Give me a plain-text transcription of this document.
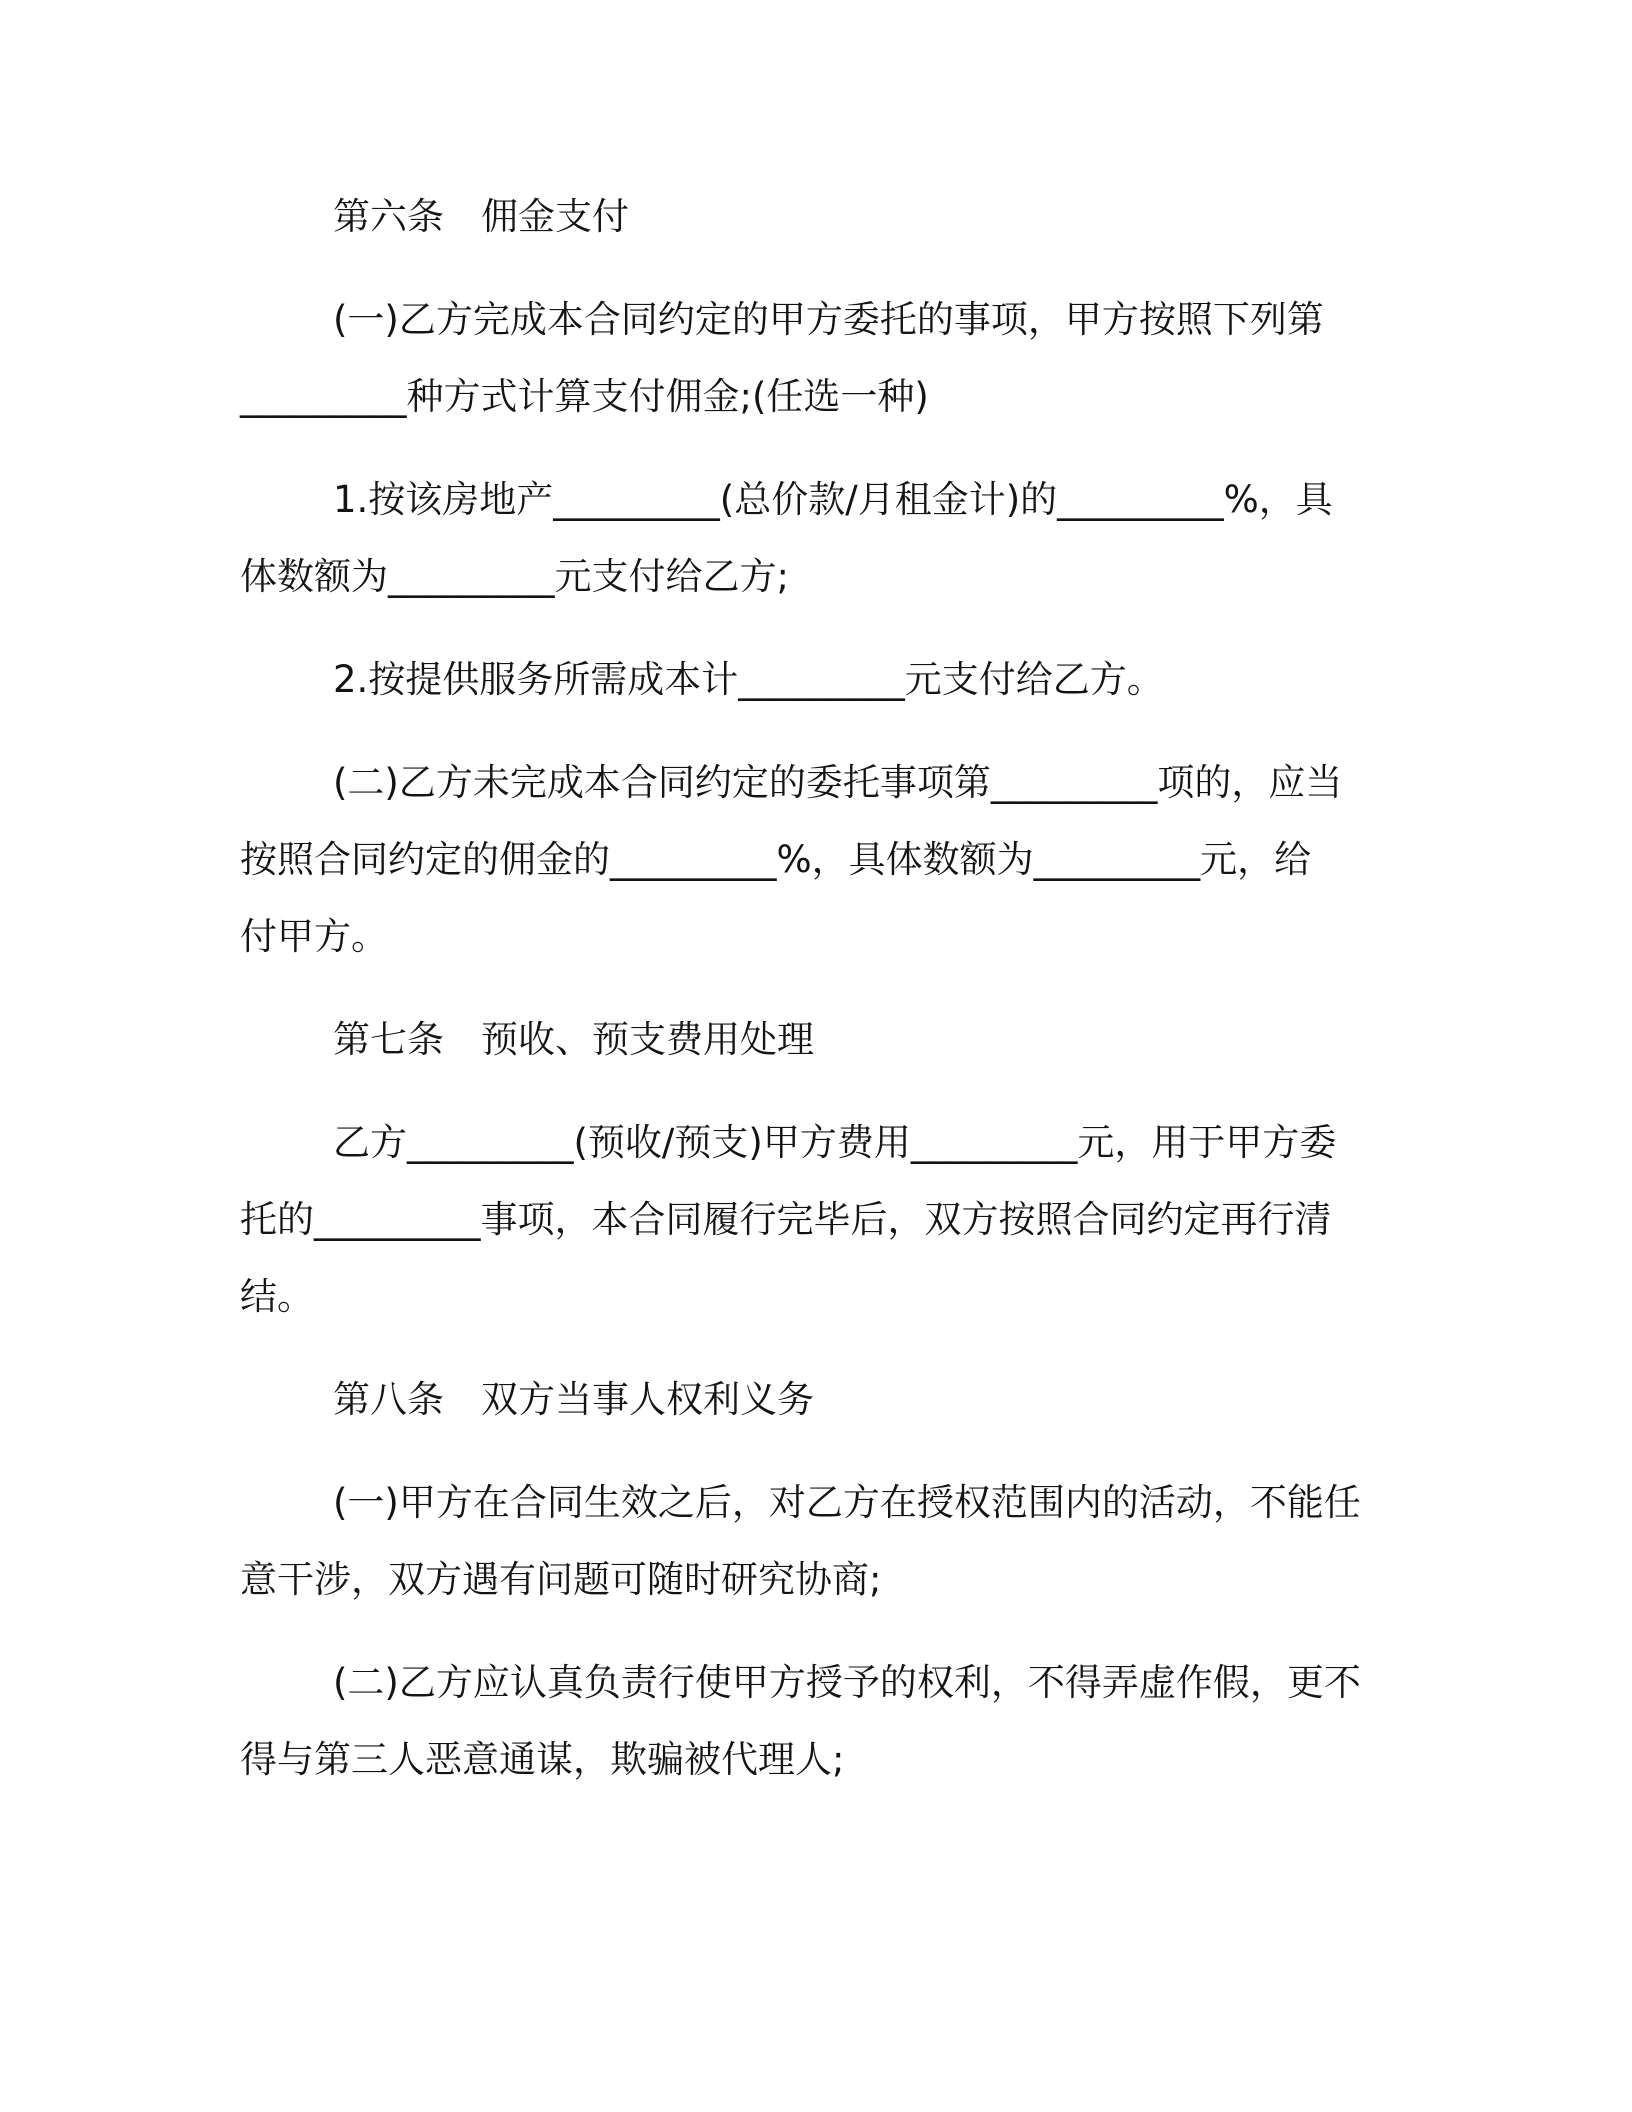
第六条　佣金支付
(一)乙方完成本合同约定的甲方委托的事项，甲方按照下列第
_________种方式计算支付佣金;(任选一种)
1.按该房地产_________(总价款/月租金计)的_________%，具
体数额为_________元支付给乙方;
2.按提供服务所需成本计_________元支付给乙方。
(二)乙方未完成本合同约定的委托事项第_________项的，应当
按照合同约定的佣金的_________%，具体数额为_________元，给
付甲方。
第七条　预收、预支费用处理
乙方_________(预收/预支)甲方费用_________元，用于甲方委
托的_________事项，本合同履行完毕后，双方按照合同约定再行清
结。
第八条　双方当事人权利义务
(一)甲方在合同生效之后，对乙方在授权范围内的活动，不能任
意干涉，双方遇有问题可随时研究协商;
(二)乙方应认真负责行使甲方授予的权利，不得弄虚作假，更不
得与第三人恶意通谋，欺骗被代理人;
